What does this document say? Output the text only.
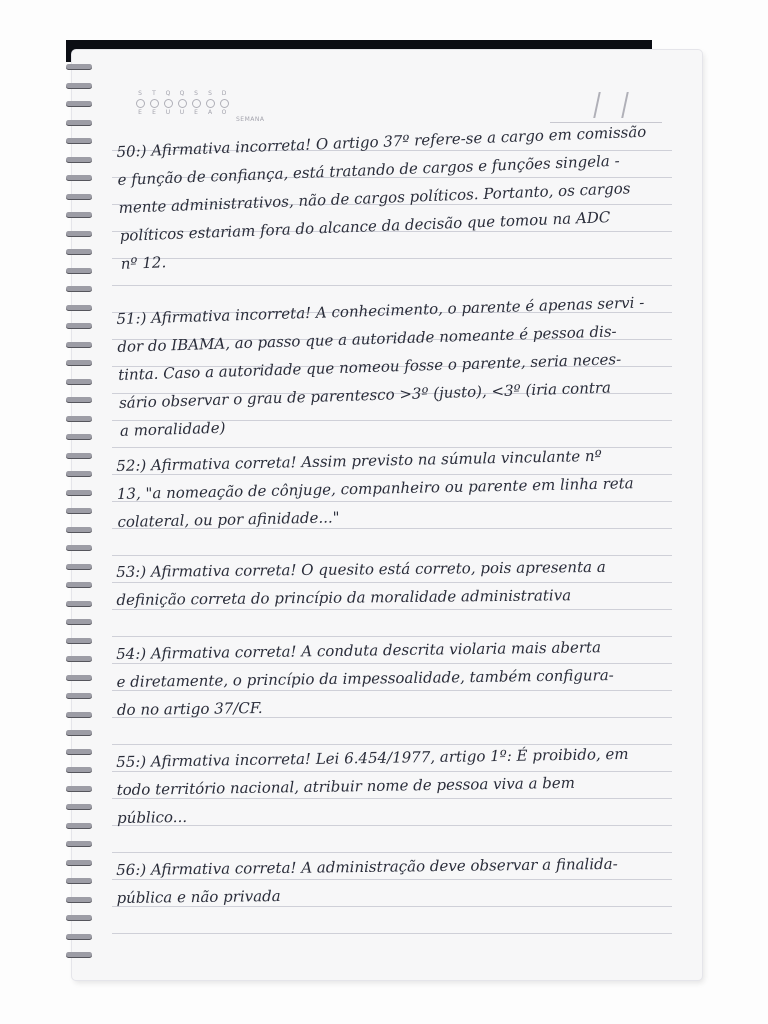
S
E
T
E
Q
U
Q
U
S
E
S
A
D
O
SEMANA

50:) Afirmativa incorreta! O artigo 37º refere-se a cargo em comissão
e função de confiança, está tratando de cargos e funções singela -
mente administrativos, não de cargos políticos. Portanto, os cargos
políticos estariam fora do alcance da decisão que tomou na ADC
nº 12.

51:) Afirmativa incorreta! A conhecimento, o parente é apenas servi -
dor do IBAMA, ao passo que a autoridade nomeante é pessoa dis-
tinta. Caso a autoridade que nomeou fosse o parente, seria neces-
sário observar o grau de parentesco >3º (justo), <3º (iria contra
a moralidade)

52:) Afirmativa correta! Assim previsto na súmula vinculante nº
13, "a nomeação de cônjuge, companheiro ou parente em linha reta
colateral, ou por afinidade..."

53:) Afirmativa correta! O quesito está correto, pois apresenta a
definição correta do princípio da moralidade administrativa

54:) Afirmativa correta! A conduta descrita violaria mais aberta
e diretamente, o princípio da impessoalidade, também configura-
do no artigo 37/CF.

55:) Afirmativa incorreta! Lei 6.454/1977, artigo 1º: É proibido, em
todo território nacional, atribuir nome de pessoa viva a bem
público...

56:) Afirmativa correta! A administração deve observar a finalida-
pública e não privada
